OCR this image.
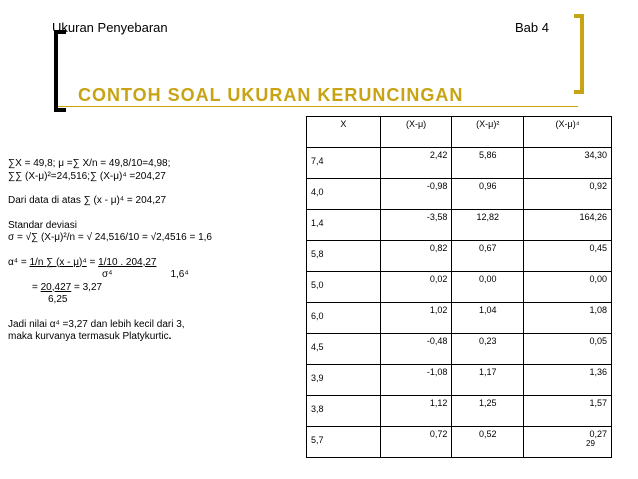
Ukuran Penyebaran	Bab 4
CONTOH SOAL UKURAN KERUNCINGAN
∑X = 49,8; μ =∑ X/n = 49,8/10=4,98;
∑∑ (X-μ)²=24,516;∑ (X-μ)⁴ =204,27
Dari data di atas ∑ (x - μ)⁴ = 204,27
Standar deviasi
σ = √∑ (X-μ)²/n = √ 24,516/10 = √2,4516 = 1,6
α⁴ = 1/n ∑ (x - μ)⁴ = 1/10 . 204,27
σ⁴	1,6⁴
= 20,427 = 3,27
6,25
Jadi nilai α⁴ =3,27 dan lebih kecil dari 3,
maka kurvanya termasuk Platykurtic.
X	(X-μ)	(X-μ)²	(X-μ)⁴
7,4	2,42	5,86	34,30
4,0	-0,98	0,96	0,92
1,4	-3,58	12,82	164,26
5,8	0,82	0,67	0,45
5,0	0,02	0,00	0,00
6,0	1,02	1,04	1,08
4,5	-0,48	0,23	0,05
3,9	-1,08	1,17	1,36
3,8	1,12	1,25	1,57
5,7	0,72	0,52	0,27
29
